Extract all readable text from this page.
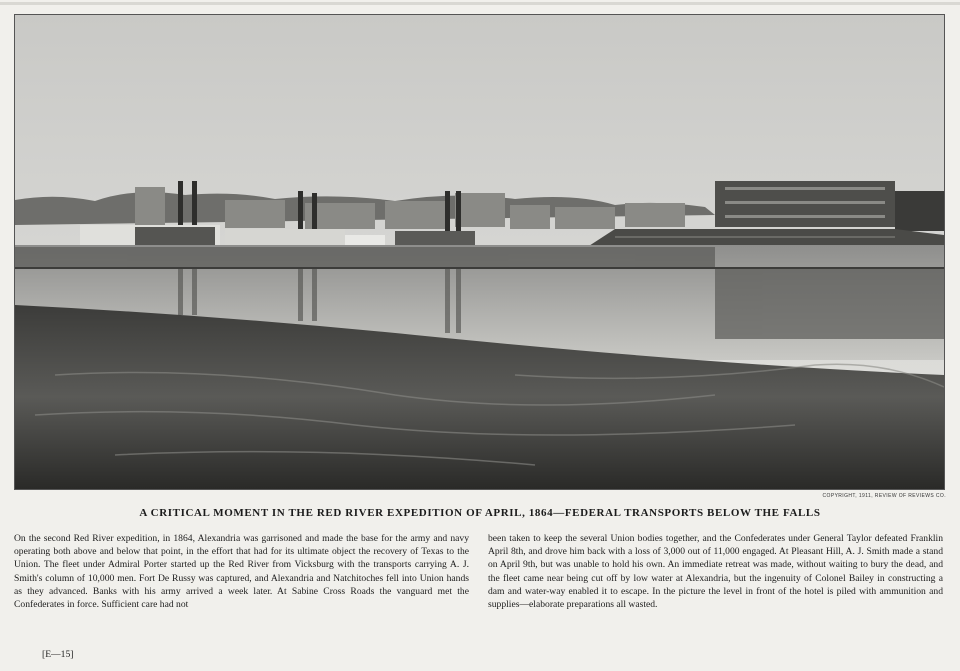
COPYRIGHT, 1911, REVIEW OF REVIEWS CO.
A CRITICAL MOMENT IN THE RED RIVER EXPEDITION OF APRIL, 1864—FEDERAL TRANSPORTS BELOW THE FALLS
On the second Red River expedition, in 1864, Alexandria was garrisoned and made the base for the army and navy operating both above and below that point, in the effort that had for its ultimate object the recovery of Texas to the Union. The fleet under Admiral Porter started up the Red River from Vicksburg with the transports carrying A. J. Smith's column of 10,000 men. Fort De Russy was captured, and Alexandria and Natchitoches fell into Union hands as they advanced. Banks with his army arrived a week later. At Sabine Cross Roads the vanguard met the Confederates in force. Sufficient care had not
been taken to keep the several Union bodies together, and the Confederates under General Taylor defeated Franklin April 8th, and drove him back with a loss of 3,000 out of 11,000 engaged. At Pleasant Hill, A. J. Smith made a stand on April 9th, but was unable to hold his own. An immediate retreat was made, without waiting to bury the dead, and the fleet came near being cut off by low water at Alexandria, but the ingenuity of Colonel Bailey in constructing a dam and water-way enabled it to escape. In the picture the level in front of the hotel is piled with ammunition and supplies—elaborate preparations all wasted.
[E—15]
